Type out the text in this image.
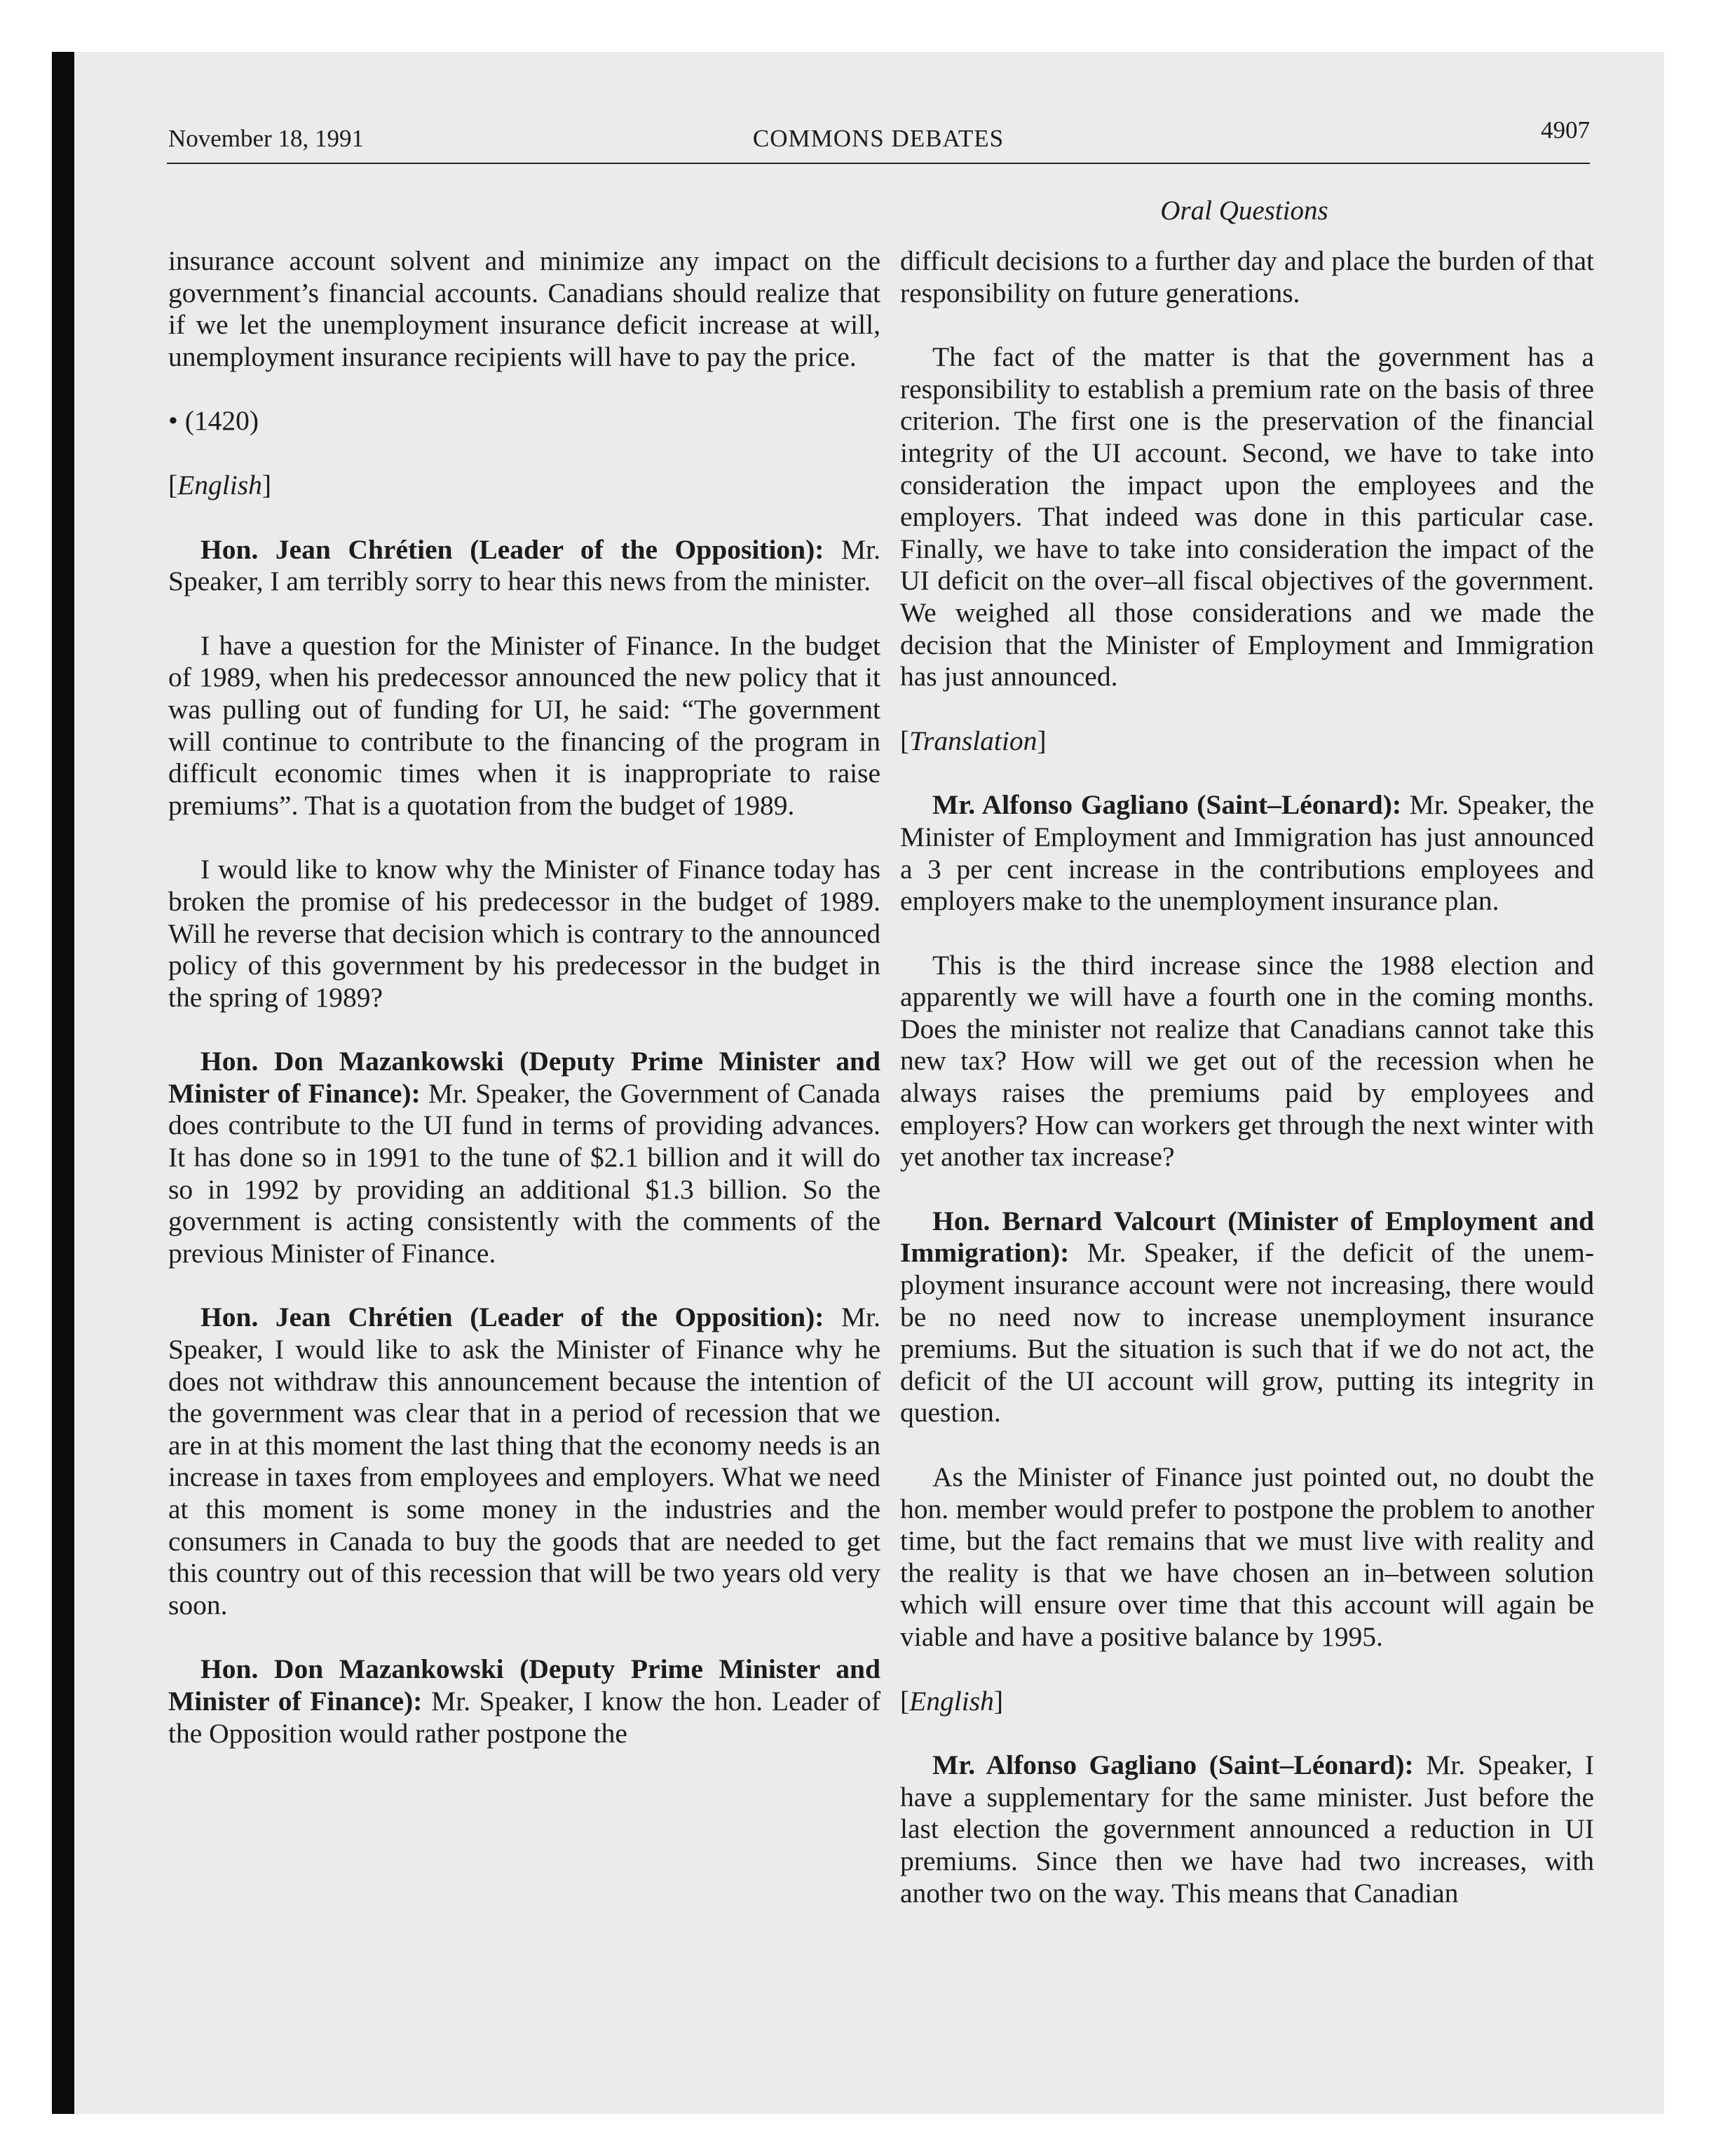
November 18, 1991	COMMONS DEBATES	4907
Oral Questions

insurance account solvent and minimize any impact on the government’s financial accounts. Canadians should realize that if we let the unemployment insurance deficit increase at will, unemployment insurance recipients will have to pay the price.

• (1420)

[English]

Hon. Jean Chrétien (Leader of the Opposition): Mr. Speaker, I am terribly sorry to hear this news from the minister.

I have a question for the Minister of Finance. In the budget of 1989, when his predecessor announced the new policy that it was pulling out of funding for UI, he said: “The government will continue to contribute to the financing of the program in difficult economic times when it is inappropriate to raise premiums”. That is a quotation from the budget of 1989.

I would like to know why the Minister of Finance today has broken the promise of his predecessor in the budget of 1989. Will he reverse that decision which is contrary to the announced policy of this government by his predecessor in the budget in the spring of 1989?

Hon. Don Mazankowski (Deputy Prime Minister and Minister of Finance): Mr. Speaker, the Government of Canada does contribute to the UI fund in terms of providing advances. It has done so in 1991 to the tune of $2.1 billion and it will do so in 1992 by providing an additional $1.3 billion. So the government is acting consistently with the comments of the previous Minister of Finance.

Hon. Jean Chrétien (Leader of the Opposition): Mr. Speaker, I would like to ask the Minister of Finance why he does not withdraw this announcement because the intention of the government was clear that in a period of recession that we are in at this moment the last thing that the economy needs is an increase in taxes from employees and employers. What we need at this moment is some money in the industries and the consumers in Canada to buy the goods that are needed to get this country out of this recession that will be two years old very soon.

Hon. Don Mazankowski (Deputy Prime Minister and Minister of Finance): Mr. Speaker, I know the hon. Leader of the Opposition would rather postpone the

difficult decisions to a further day and place the burden of that responsibility on future generations.

The fact of the matter is that the government has a responsibility to establish a premium rate on the basis of three criterion. The first one is the preservation of the financial integrity of the UI account. Second, we have to take into consideration the impact upon the employees and the employers. That indeed was done in this particular case. Finally, we have to take into consideration the impact of the UI deficit on the over–all fiscal objectives of the government. We weighed all those considerations and we made the decision that the Minister of Employment and Immigration has just announced.

[Translation]

Mr. Alfonso Gagliano (Saint–Léonard): Mr. Speaker, the Minister of Employment and Immigration has just announced a 3 per cent increase in the contributions employees and employers make to the unemployment insurance plan.

This is the third increase since the 1988 election and apparently we will have a fourth one in the coming months. Does the minister not realize that Canadians cannot take this new tax? How will we get out of the recession when he always raises the premiums paid by employees and employers? How can workers get through the next winter with yet another tax increase?

Hon. Bernard Valcourt (Minister of Employment and Immigration): Mr. Speaker, if the deficit of the unemployment insurance account were not increasing, there would be no need now to increase unemployment insurance premiums. But the situation is such that if we do not act, the deficit of the UI account will grow, putting its integrity in question.

As the Minister of Finance just pointed out, no doubt the hon. member would prefer to postpone the problem to another time, but the fact remains that we must live with reality and the reality is that we have chosen an in–between solution which will ensure over time that this account will again be viable and have a positive balance by 1995.

[English]

Mr. Alfonso Gagliano (Saint–Léonard): Mr. Speaker, I have a supplementary for the same minister. Just before the last election the government announced a reduction in UI premiums. Since then we have had two increases, with another two on the way. This means that Canadian
